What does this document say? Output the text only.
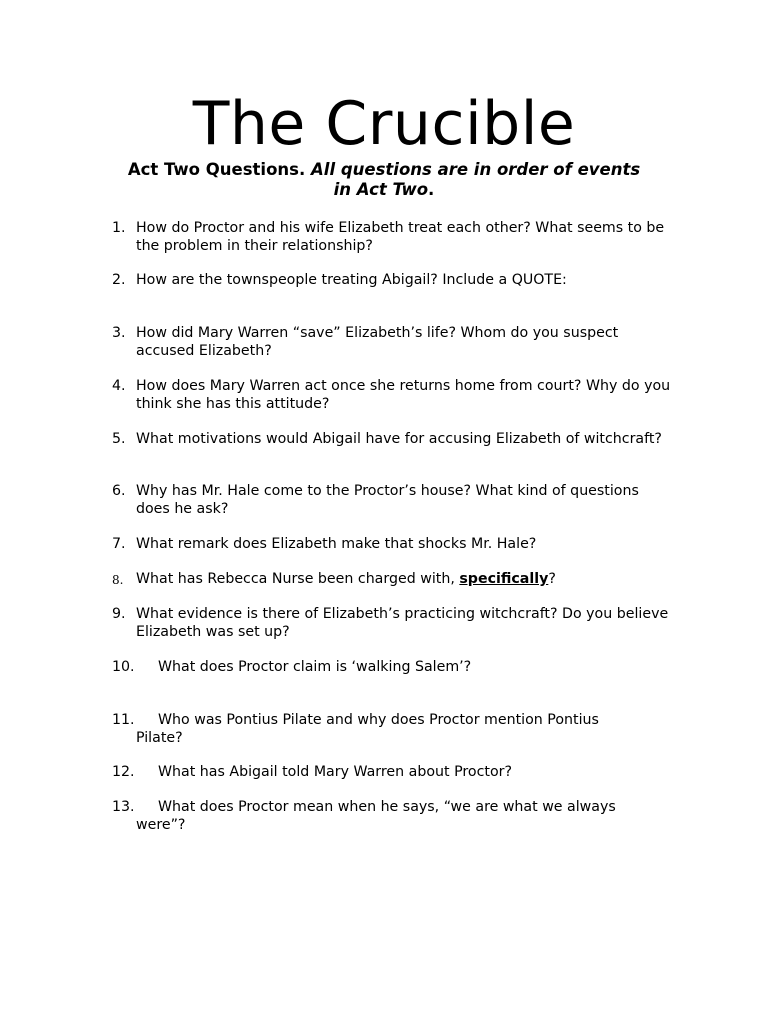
The Crucible
Act Two Questions. All questions are in order of events in Act Two.
1. How do Proctor and his wife Elizabeth treat each other? What seems to be the problem in their relationship?
2. How are the townspeople treating Abigail? Include a QUOTE:
3. How did Mary Warren “save” Elizabeth’s life? Whom do you suspect accused Elizabeth?
4. How does Mary Warren act once she returns home from court? Why do you think she has this attitude?
5. What motivations would Abigail have for accusing Elizabeth of witchcraft?
6. Why has Mr. Hale come to the Proctor’s house? What kind of questions does he ask?
7. What remark does Elizabeth make that shocks Mr. Hale?
8. What has Rebecca Nurse been charged with, specifically?
9. What evidence is there of Elizabeth’s practicing witchcraft? Do you believe Elizabeth was set up?
10. What does Proctor claim is ‘walking Salem’?
11. Who was Pontius Pilate and why does Proctor mention Pontius
Pilate?
12. What has Abigail told Mary Warren about Proctor?
13. What does Proctor mean when he says, “we are what we always
were”?
